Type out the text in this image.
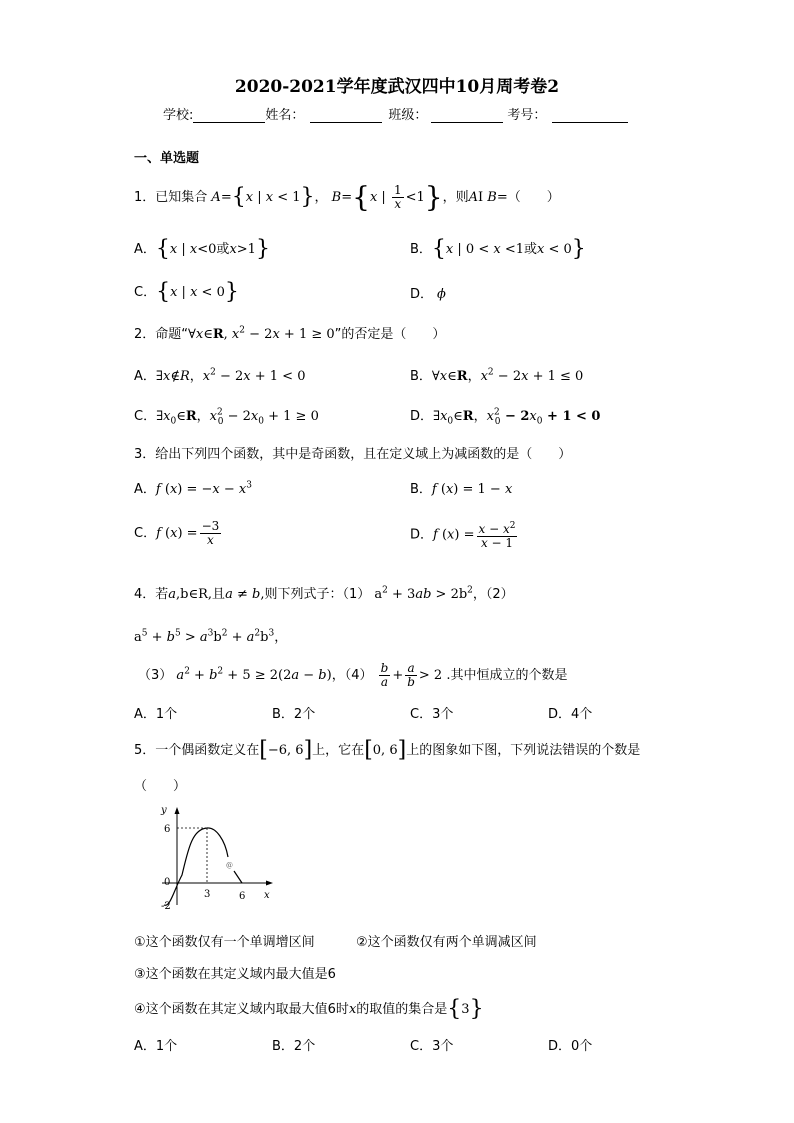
2020-2021学年度武汉四中10月周考卷2
学校:	姓名：	班级：	考号：
一、单选题
1．已知集合 A={x | x < 1}， B={x | $\frac{1}{x} <1$}，则AI B=（　　）
A．{x | x<0或x>1}	B．{x | 0 < x <1或x < 0}
C．{x | x < 0}	D． ϕ
2．命题“∀x∈R, $x^2 - 2x + 1 \ge 0$”的否定是（　　）
A．∃x∉R，$x^2 - 2x + 1 < 0$	B．∀x∈R，$x^2 - 2x + 1 \le 0$
C．$\exists x_0\in R$，$x^2_0 - 2x_0 + 1 \ge 0$	D．$\exists x_0\in R$，$x^2_0 - 2x_0 + 1 < 0$
3．给出下列四个函数，其中是奇函数，且在定义域上为减函数的是（　　）
A．f $(x) = -x - x^3$	B．f (x) = 1 − x
C．f $(x) = \frac{-3}{x}$	D．f $(x) = \frac{x - x^2}{x - 1}$
4．若a,b∈R,且a ≠ b,则下列式子：（1） $a^2 + 3ab > 2b^2$，（2）
$a^5 + b^5 > a^3b^2 + a^2b^3$，
（3） $a^2 + b^2 + 5 \ge 2(2a - b)$，$(4) \frac{b}{a} + \frac{a}{b} > 2$ .其中恒成立的个数是
A．1个	B．2个	C．3个	D．4个
5．一个偶函数定义在[−6, 6]上，它在[0, 6]上的图象如下图，下列说法错误的个数是
（　　）
y
x
6
0
-2
3	6
@
①这个函数仅有一个单调增区间	②这个函数仅有两个单调减区间
③这个函数在其定义域内最大值是6
④这个函数在其定义域内取最大值6时x的取值的集合是{3}
A．1个	B．2个	C．3个	D．0个
